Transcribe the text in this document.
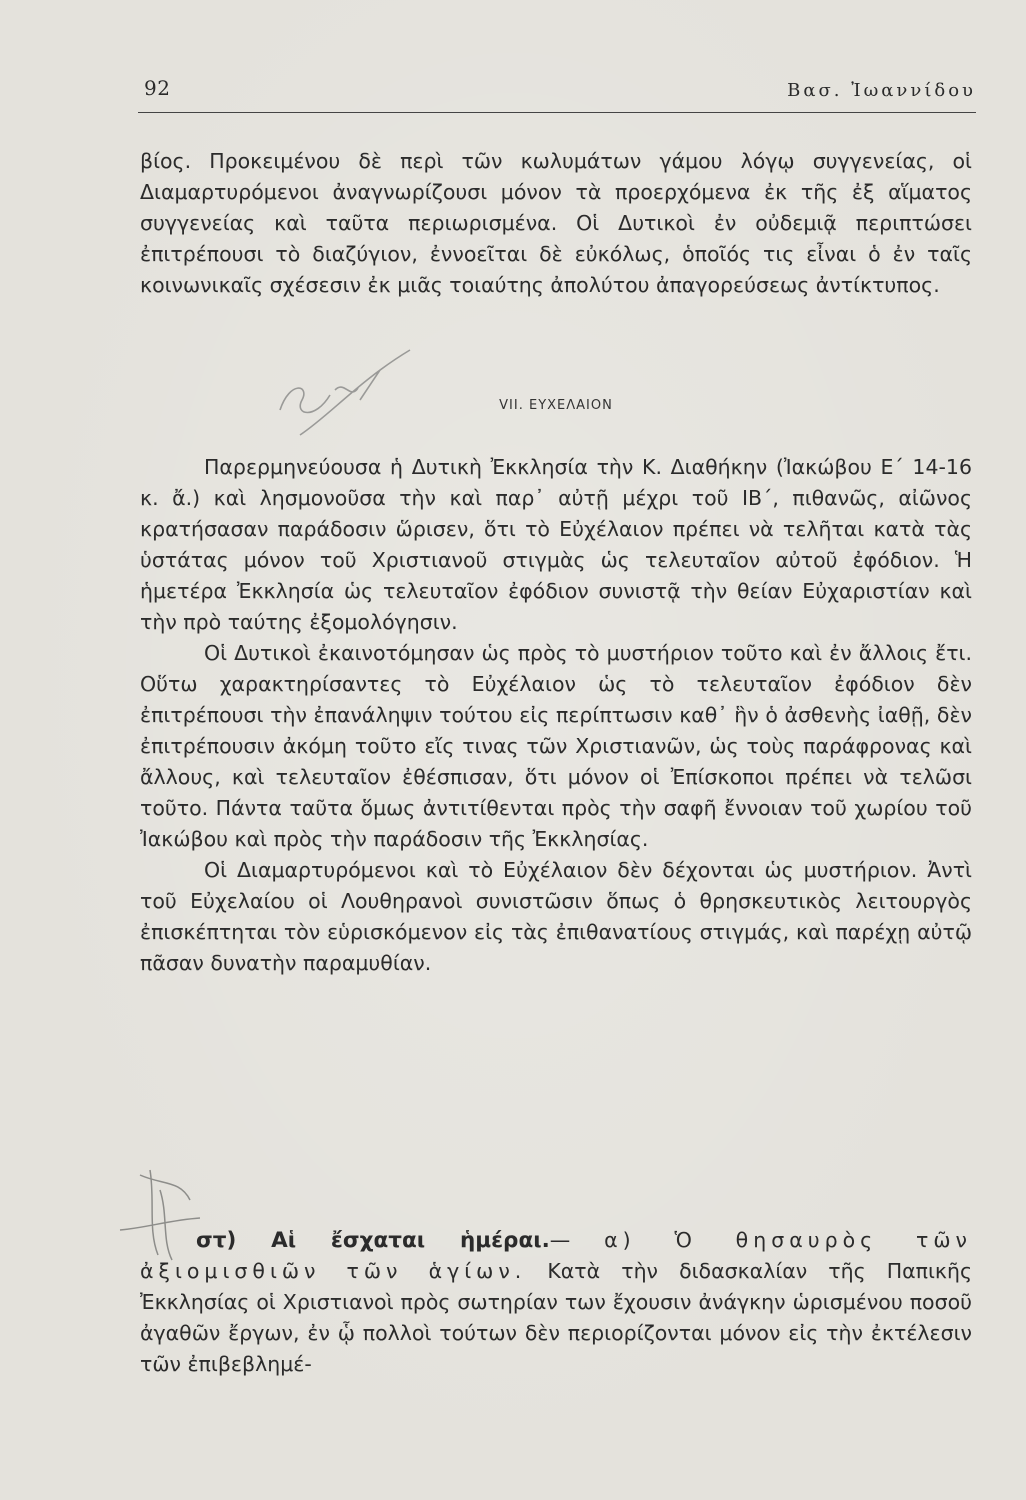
92	Βασ. Ἰωαννίδου

βίος. Προκειμένου δὲ περὶ τῶν κωλυμάτων γάμου λόγῳ συγγενείας, οἱ Διαμαρτυρόμενοι ἀναγνωρίζουσι μόνον τὰ προερχόμενα ἐκ τῆς ἐξ αἵματος συγγενείας καὶ ταῦτα περιωρισμένα. Οἱ Δυτικοὶ ἐν οὐδεμιᾷ περιπτώσει ἐπιτρέπουσι τὸ διαζύγιον, ἐννοεῖται δὲ εὐκόλως, ὁποῖός τις εἶναι ὁ ἐν ταῖς κοινωνικαῖς σχέσεσιν ἐκ μιᾶς τοιαύτης ἀπολύτου ἀπαγορεύσεως ἀντίκτυπος.

VII. ΕΥΧΕΛΑΙΟΝ

Παρερμηνεύουσα ἡ Δυτικὴ Ἐκκλησία τὴν Κ. Διαθήκην (Ἰακώβου Ε΄ 14-16 κ. ἄ.) καὶ λησμονοῦσα τὴν καὶ παρ᾿ αὐτῇ μέχρι τοῦ ΙΒ΄, πιθανῶς, αἰῶνος κρατήσασαν παράδοσιν ὥρισεν, ὅτι τὸ Εὐχέλαιον πρέπει νὰ τελῆται κατὰ τὰς ὑστάτας μόνον τοῦ Χριστιανοῦ στιγμὰς ὡς τελευταῖον αὐτοῦ ἐφόδιον. Ἡ ἡμετέρα Ἐκκλησία ὡς τελευταῖον ἐφόδιον συνιστᾷ τὴν θείαν Εὐχαριστίαν καὶ τὴν πρὸ ταύτης ἐξομολόγησιν.

Οἱ Δυτικοὶ ἐκαινοτόμησαν ὡς πρὸς τὸ μυστήριον τοῦτο καὶ ἐν ἄλλοις ἔτι. Οὕτω χαρακτηρίσαντες τὸ Εὐχέλαιον ὡς τὸ τελευταῖον ἐφόδιον δὲν ἐπιτρέπουσι τὴν ἐπανάληψιν τούτου εἰς περίπτωσιν καθ᾿ ἣν ὁ ἀσθενὴς ἰαθῇ, δὲν ἐπιτρέπουσιν ἀκόμη τοῦτο εἴς τινας τῶν Χριστιανῶν, ὡς τοὺς παράφρονας καὶ ἄλλους, καὶ τελευταῖον ἐθέσπισαν, ὅτι μόνον οἱ Ἐπίσκοποι πρέπει νὰ τελῶσι τοῦτο. Πάντα ταῦτα ὅμως ἀντιτίθενται πρὸς τὴν σαφῆ ἔννοιαν τοῦ χωρίου τοῦ Ἰακώβου καὶ πρὸς τὴν παράδοσιν τῆς Ἐκκλησίας.

Οἱ Διαμαρτυρόμενοι καὶ τὸ Εὐχέλαιον δὲν δέχονται ὡς μυστήριον. Ἀντὶ τοῦ Εὐχελαίου οἱ Λουθηρανοὶ συνιστῶσιν ὅπως ὁ θρησκευτικὸς λειτουργὸς ἐπισκέπτηται τὸν εὑρισκόμενον εἰς τὰς ἐπιθανατίους στιγμάς, καὶ παρέχῃ αὐτῷ πᾶσαν δυνατὴν παραμυθίαν.

στ) Αἱ ἔσχαται ἡμέραι.— α) Ὁ θησαυρὸς τῶν ἀξιομισθιῶν τῶν ἁγίων. Κατὰ τὴν διδασκαλίαν τῆς Παπικῆς Ἐκκλησίας οἱ Χριστιανοὶ πρὸς σωτηρίαν των ἔχουσιν ἀνάγκην ὡρισμένου ποσοῦ ἀγαθῶν ἔργων, ἐν ᾧ πολλοὶ τούτων δὲν περιορίζονται μόνον εἰς τὴν ἐκτέλεσιν τῶν ἐπιβεβλημέ-
